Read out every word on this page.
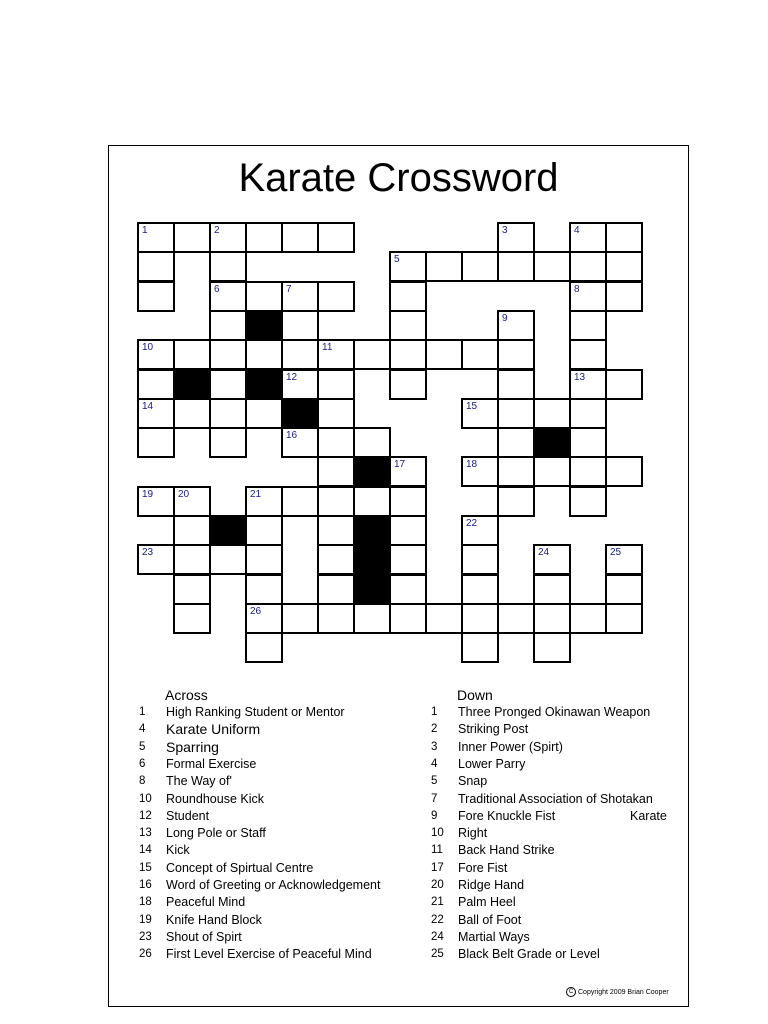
Karate Crossword
1	2	3	4
5
6	7	8
9
10	11
12	13
14	15
16
17	18
19 20	21
22
23	24	25
26
Across
1	High Ranking Student or Mentor
4	Karate Uniform
5	Sparring
6	Formal Exercise
8	The Way of'
10	Roundhouse Kick
12	Student
13	Long Pole or Staff
14	Kick
15	Concept of Spirtual Centre
16	Word of Greeting or Acknowledgement
18	Peaceful Mind
19	Knife Hand Block
23	Shout of Spirt
26	First Level Exercise of Peaceful Mind
Down
1	Three Pronged Okinawan Weapon
2	Striking Post
3	Inner Power (Spirt)
4	Lower Parry
5	Snap
7	Traditional Association of Shotakan
9	Fore Knuckle Fist
10	Right
11	Back Hand Strike
17	Fore Fist
20	Ridge Hand
21	Palm Heel
22	Ball of Foot
24	Martial Ways
25	Black Belt Grade or Level
Karate
C Copyright 2009 Brian Cooper
